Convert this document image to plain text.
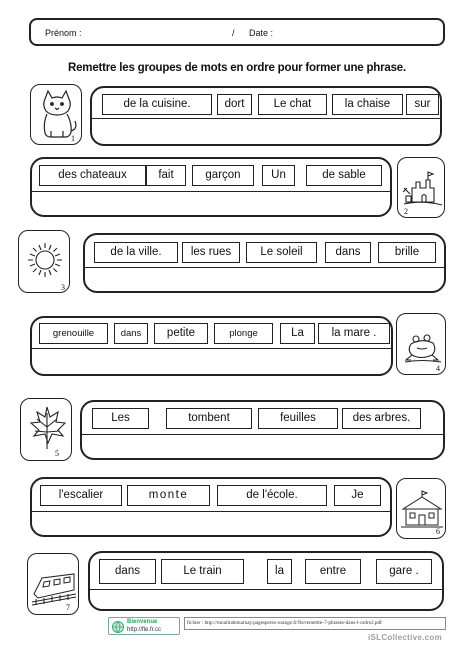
Prénom :	/ Date :
Remettre les groupes de mots en ordre pour former une phrase.
1
de la cuisine.	dort	Le chat	la chaise	sur
des chateaux	fait	garçon	Un	de sable
2
3
de la ville.	les rues	Le soleil	dans	brille
grenouille	dans	petite	plonge	La	la mare .
4
5
Les	tombent	feuilles	des arbres.
l'escalier	monte	de l'école.	Je
6
7
dans	Le train	la	entre	gare .
Bienvenue
http://fle.fr.cc
fichier : http://moulindemarnay.pagesperso-orange.fr/fle/remettre-7-phrases-dans-l-ordre2.pdf
iSLCollective.com
